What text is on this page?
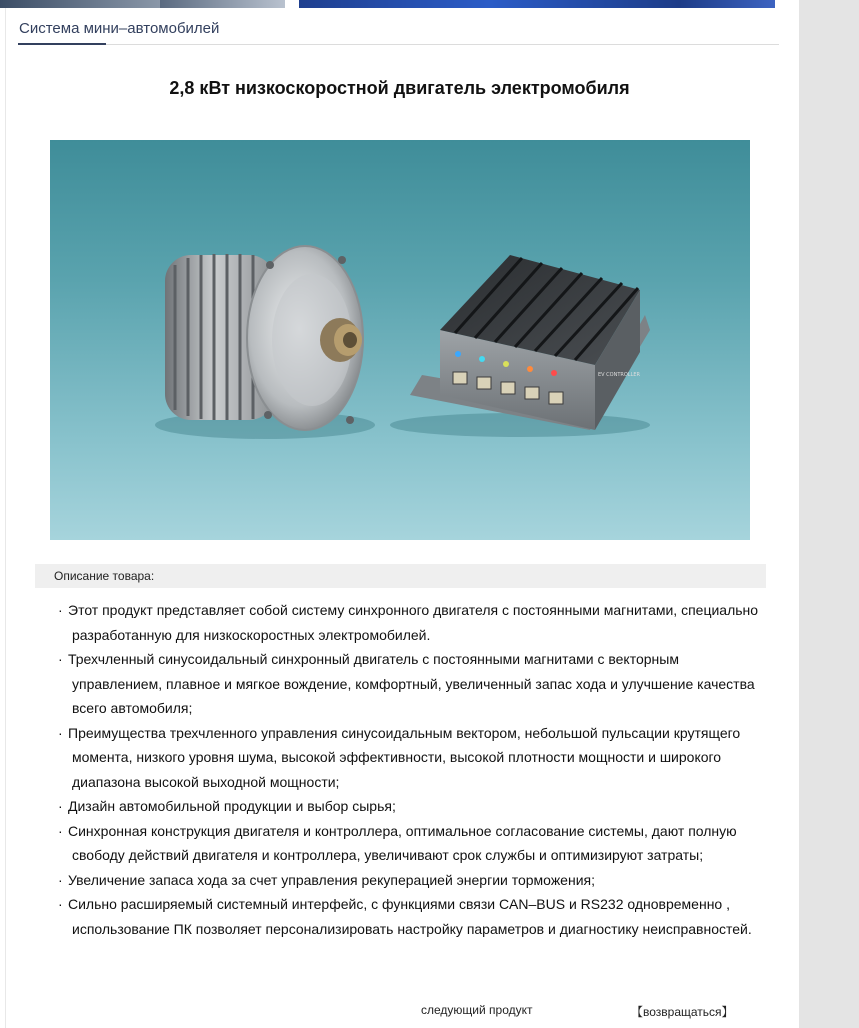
Система мини–автомобилей
2,8 кВт низкоскоростной двигатель электромобиля
EV CONTROLLER
Описание товара:
· Этот продукт представляет собой систему синхронного двигателя с постоянными магнитами, специально разработанную для низкоскоростных электромобилей.
· Трехчленный синусоидальный синхронный двигатель с постоянными магнитами с векторным управлением, плавное и мягкое вождение, комфортный, увеличенный запас хода и улучшение качества всего автомобиля;
· Преимущества трехчленного управления синусоидальным вектором, небольшой пульсации крутящего момента, низкого уровня шума, высокой эффективности, высокой плотности мощности и широкого диапазона высокой выходной мощности;
· Дизайн автомобильной продукции и выбор сырья;
· Синхронная конструкция двигателя и контроллера, оптимальное согласование системы, дают полную свободу действий двигателя и контроллера, увеличивают срок службы и оптимизируют затраты;
· Увеличение запаса хода за счет управления рекуперацией энергии торможения;
· Сильно расширяемый системный интерфейс, с функциями связи CAN–BUS и RS232 одновременно , использование ПК позволяет персонализировать настройку параметров и диагностику неисправностей.
следующий продукт	【возвращаться】
